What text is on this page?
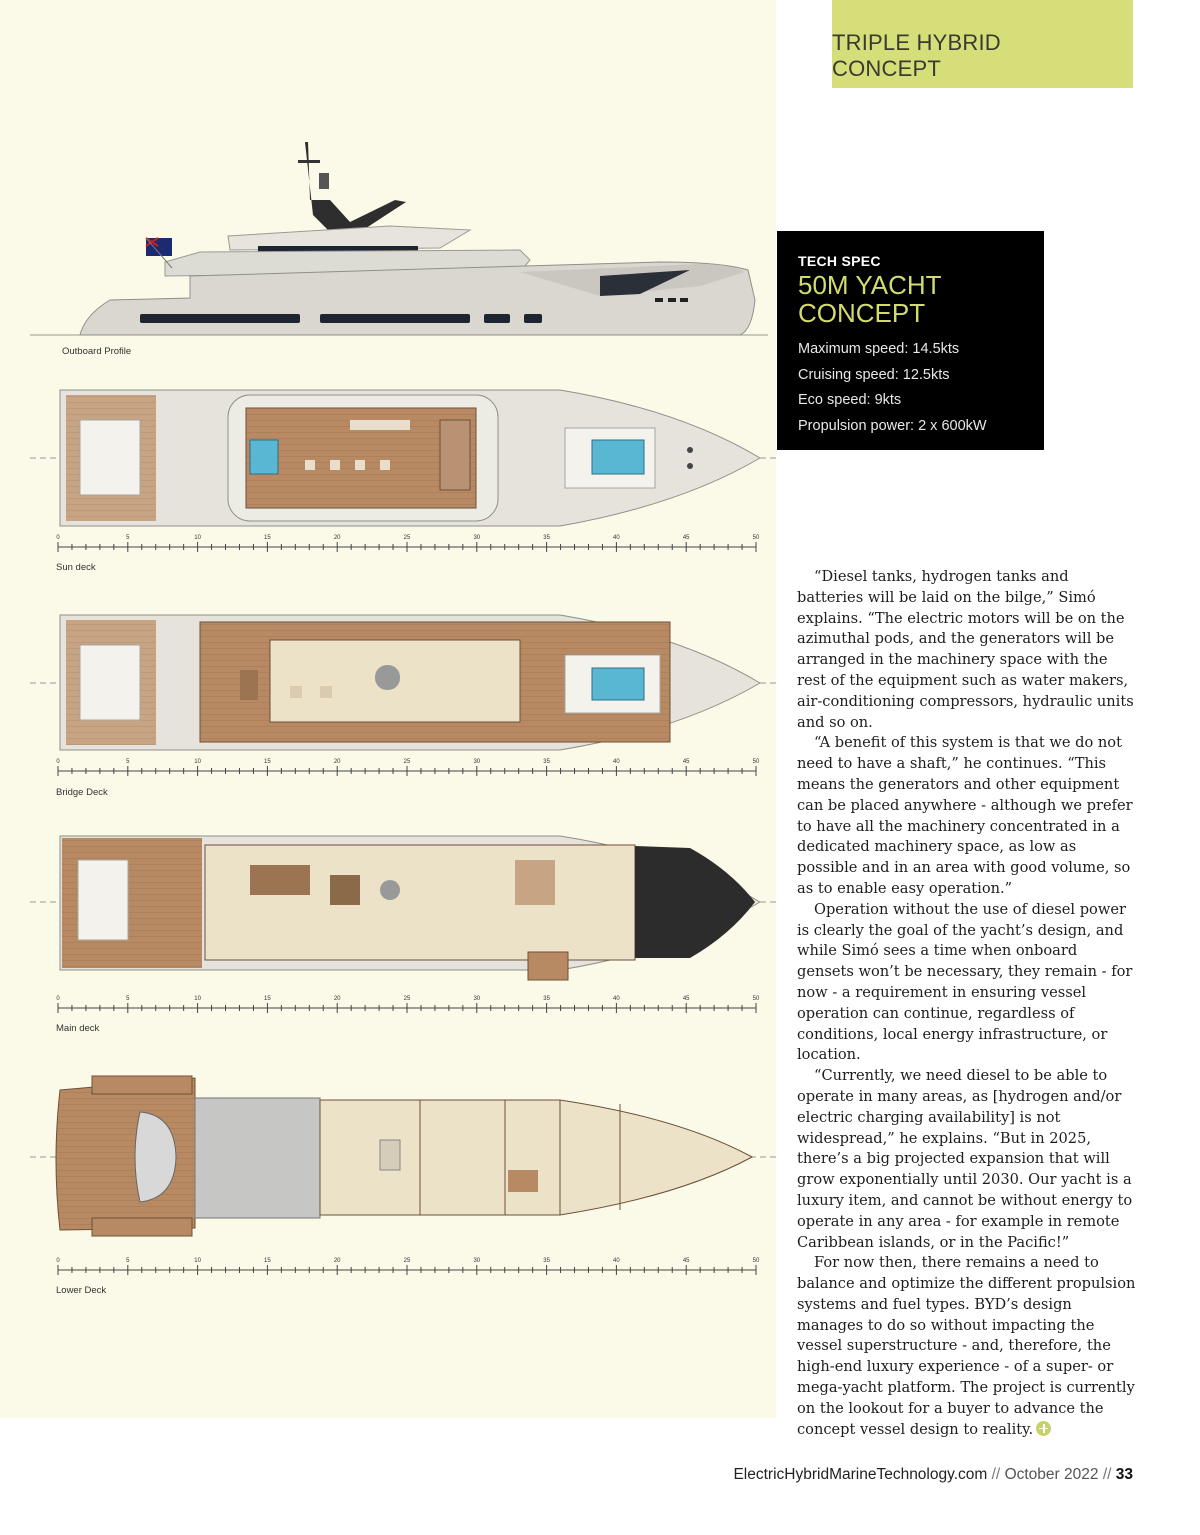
Outboard Profile
Sun deck
Bridge Deck
Main deck
Lower Deck
0	5	10	15	20	25	30	35	40	45	50
0	5	10	15	20	25	30	35	40	45	50
0	5	10	15	20	25	30	35	40	45	50
0	5	10	15	20	25	30	35	40	45	50
TRIPLE HYBRID CONCEPT
TECH SPEC
50M YACHT
CONCEPT
Maximum speed: 14.5kts
Cruising speed: 12.5kts
Eco speed: 9kts
Propulsion power: 2 x 600kW

“Diesel tanks, hydrogen tanks and batteries will be laid on the bilge,” Simó explains. “The electric motors will be on the azimuthal pods, and the generators will be arranged in the machinery space with the rest of the equipment such as water makers, air-conditioning compressors, hydraulic units and so on.

“A benefit of this system is that we do not need to have a shaft,” he continues. “This means the generators and other equipment can be placed anywhere - although we prefer to have all the machinery concentrated in a dedicated machinery space, as low as possible and in an area with good volume, so as to enable easy operation.”

Operation without the use of diesel power is clearly the goal of the yacht’s design, and while Simó sees a time when onboard gensets won’t be necessary, they remain - for now - a requirement in ensuring vessel operation can continue, regardless of conditions, local energy infrastructure, or location.

“Currently, we need diesel to be able to operate in many areas, as [hydrogen and/or electric charging availability] is not widespread,” he explains. “But in 2025, there’s a big projected expansion that will grow exponentially until 2030. Our yacht is a luxury item, and cannot be without energy to operate in any area - for example in remote Caribbean islands, or in the Pacific!”

For now then, there remains a need to balance and optimize the different propulsion systems and fuel types. BYD’s design manages to do so without impacting the vessel superstructure - and, therefore, the high-end luxury experience - of a super- or mega-yacht platform. The project is currently on the lookout for a buyer to advance the concept vessel design to reality.

ElectricHybridMarineTechnology.com // October 2022 // 33
